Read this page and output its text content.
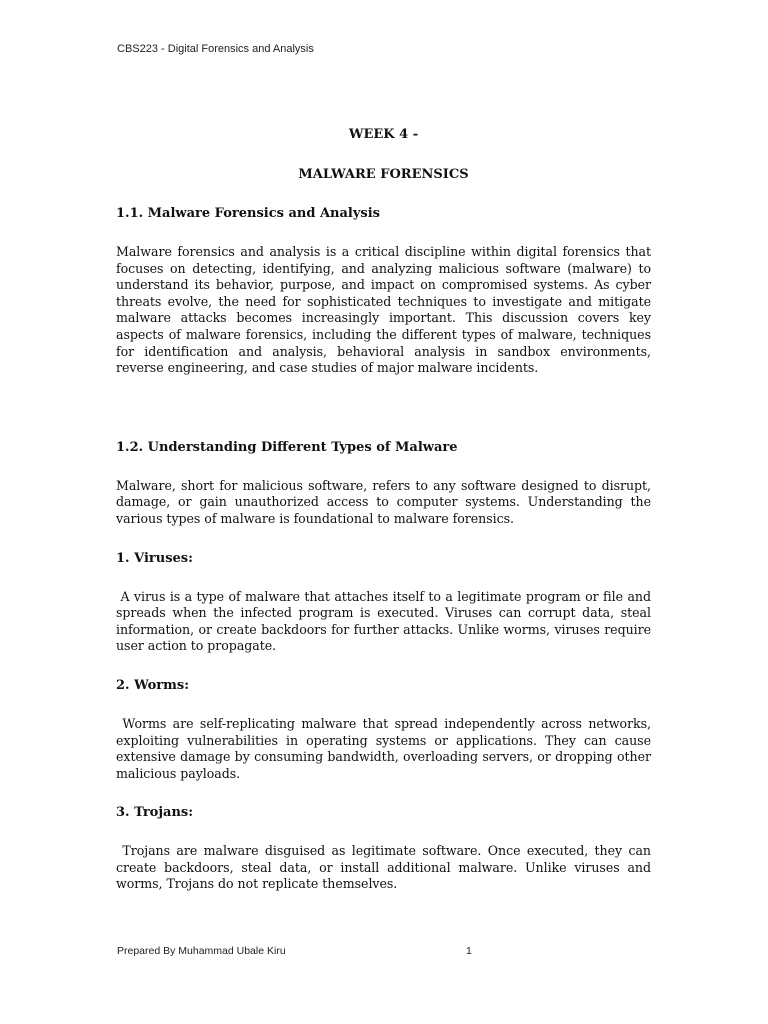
CBS223 - Digital Forensics and Analysis

WEEK 4 -

MALWARE FORENSICS

1.1. Malware Forensics and Analysis

Malware forensics and analysis is a critical discipline within digital forensics that focuses on detecting, identifying, and analyzing malicious software (malware) to understand its behavior, purpose, and impact on compromised systems. As cyber threats evolve, the need for sophisticated techniques to investigate and mitigate malware attacks becomes increasingly important. This discussion covers key aspects of malware forensics, including the different types of malware, techniques for identification and analysis, behavioral analysis in sandbox environments, reverse engineering, and case studies of major malware incidents.

1.2. Understanding Different Types of Malware

Malware, short for malicious software, refers to any software designed to disrupt, damage, or gain unauthorized access to computer systems. Understanding the various types of malware is foundational to malware forensics.

1. Viruses:

A virus is a type of malware that attaches itself to a legitimate program or file and spreads when the infected program is executed. Viruses can corrupt data, steal information, or create backdoors for further attacks. Unlike worms, viruses require user action to propagate.

2. Worms:

Worms are self-replicating malware that spread independently across networks, exploiting vulnerabilities in operating systems or applications. They can cause extensive damage by consuming bandwidth, overloading servers, or dropping other malicious payloads.

3. Trojans:

Trojans are malware disguised as legitimate software. Once executed, they can create backdoors, steal data, or install additional malware. Unlike viruses and worms, Trojans do not replicate themselves.

Prepared By Muhammad Ubale Kiru	1
